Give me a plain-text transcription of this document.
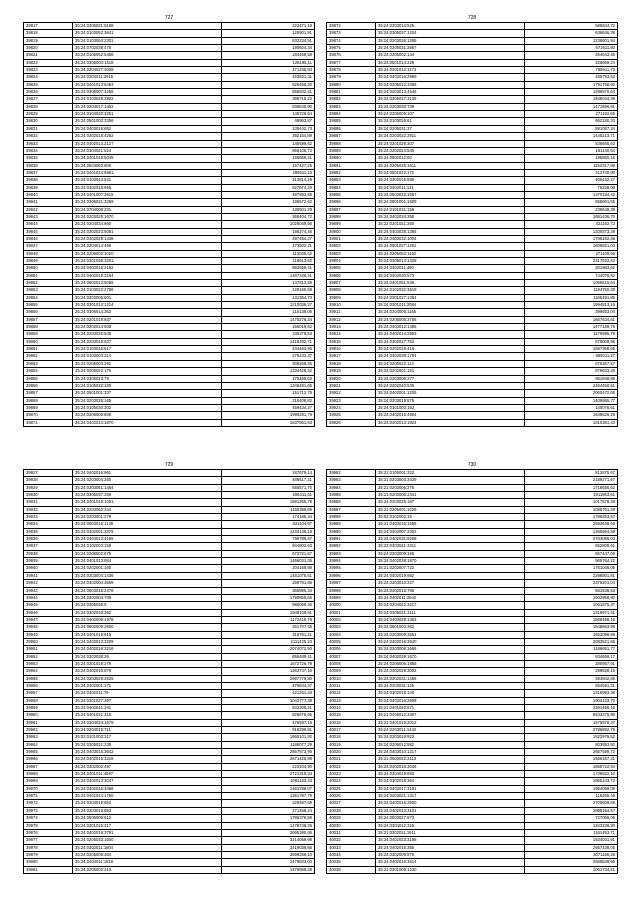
727
39817	35:24:0305031:9168	223471,19
39818	35:24:0103052:3641	125901,91
39819	35:24:0103064:2301	832234,91
39820	35:24:0702039:476	190604,34
39821	35:24:0105052:5466	184459,58
39822	35:24:0306004:1518	128195,11
39823	35:24:0204027:3008	171235,94
39824	35:24:0304011:2915	153631,31
39825	35:24:0401013:5463	825458,20
39826	35:24:0306007:4266	856632,21
39827	35:24:0103028:2802	396715,22
39828	35:24:0204017:1452	838630,90
39829	35:24:0104020:3251	145728,64
39830	35:24:0501002:3356	46963,87
39831	35:24:0403016:652	135442,73
39832	35:24:0302018:4282	392154,89
39833	35:24:0402014:2127	145599,62
39834	35:24:0304021:524	856106,72
39835	35:24:0401019:5045	165659,41
39836	35:24:0504063:806	167427,25
39837	35:24:0401024:5981	289511,15
39838	35:24:0103044:531	313814,29
39839	35:24:0302018:955	627674,20
39840	35:24:0401007:2615	497893,85
39841	35:24:0306021:3259	195572,62
39842	35:24:0704008:231	130501,29
39843	35:24:0203025:1670	369404,72
39844	35:24:0204034:860	1026049,56
39845	35:24:0302023:5061	195274,46
39846	35:24:0402029:1438	297454,27
39847	35:24:0204014:468	173502,21
39848	35:24:0206002:1020	113035,42
39849	35:24:0301036:3201	119613,62
39850	35:24:0402016:2192	882659,41
39851	35:24:0402019:3184	1487346,31
39852	35:24:0502013:5066	147813,59
39853	35:24:0103022:2796	128169,58
39854	35:24:0302005:601	131364,73
39855	35:24:0301014:1214	1210036,27
39856	35:24:0306014:363	115136,06
39857	35:24:0201019:937	1475276,34
39858	35:24:0203014:508	155019,62
39859	35:24:0203026:845	345378,53
39860	35:24:0203019:937	1415492,71
39861	35:24:0103016:517	244463,95
39862	35:24:0103004:214	278232,37
39863	35:24:0206004:291	306269,45
39864	35:24:0205022:176	1334426,42
39865	35:24:0305023:79	175469,63
39866	35:24:0105022:130	1348481,65
39867	35:24:0501001:337	151712,79
39868	35:24:0203025:165	315408,82
39869	35:24:0105030:302	459434,27
39870	35:24:0206006:806	1999281,79
39871	35:24:0402014:1870	1637561,63
728
39872	35:24:0203014:525	585844,72
39873	35:24:0305037:1204	636646,39
39874	35:24:0203026:1285	1238601,94
39875	35:24:0205031:2867	671611,80
39876	35:24:0305002:144	264643,45
39877	35:24:0601014:228	326669,24
39878	35:24:0201012:1173	765611,73
39879	35:24:0402016:2969	185793,53
39880	35:24:0205012:3365	1791768,92
39881	35:24:0203013:4545	1296570,64
39882	35:24:0305037:3139	1946044,39
39883	35:24:0203030:739	1471696,91
39884	35:24:0205009:107	271192,65
39885	35:24:0103026:61	662180,33
39886	35:24:0205031:37	591067,34
39887	35:24:0203022:2911	1445213,71
39888	35:24:0201026:307	536665,63
39889	35:24:0202024:540	181140,64
39890	35:24:0502012:60	195860,15
39891	35:24:0205026:1611	1152317,98
39892	35:24:0501022:172	212740,80
39893	35:24:0302016:685	405432,27
39894	35:24:0402011:131	75228,09
39895	35:24:0503022:1667	1370184,42
39896	35:24:0801001:1609	666661,55
39897	35:24:0101031:159	239648,39
39898	35:24:0402034:358	1681436,70
39899	35:22:0201021:260	421162,73
39900	35:24:0403038:1365	1200573,39
39901	35:24:0403032:1004	1795182,36
39902	35:24:0501027:1251	1609821,03
39903	35:24:0205052:1162	271109,66
39904	35:24:0305013:1428	2317632,43
39905	35:24:0402011:460	201583,62
39906	35:24:0402030:573	744076,82
39907	35:24:0401051:536	1066615,64
39908	35:24:0102032:3619	1194750,39
39909	35:24:0301027:1364	1166491,86
39910	35:24:0301011:2084	1994813,16
39911	35:24:0304006:1165	399653,04
39912	35:24:0205006:3756	1667634,61
39913	35:24:0403012:1485	1477169,75
39914	35:24:0402014:2983	1179995,79
39915	35:24:0302027:753	678009,96
39916	35:24:0202018:416	1587368,65
39917	35:24:0402038:1794	985011,27
39918	35:24:0205022:114	675367,57
39919	35:24:0202001:151	679633,25
39920	35:24:0203006:277	861848,86
39921	35:24:0202040:536	2464450,61
39922	35:24:0402001:1205	2060472,65
39923	35:24:0203019:875	1409955,77
39924	35:24:0301003:163	140076,61
39925	35:24:0402016:4904	1645626,29
39926	35:24:0402013:1924	1010381,43
729
39927	35:24:0402016:961	187679,14
39928	35:24:0203004:250	486617,21
39929	35:24:0303051:1464	566571,70
39930	35:24:0305037:256	206411,61
39931	35:24:0401019:1051	1691365,78
39932	35:24:0203062:244	1165399,69
39933	35:24:0203001:279	174185,34
39934	35:24:0503016:1136	821104,87
39935	35:24:0302001:2379	1234136,18
39936	35:24:0404013:4165	799786,47
39937	35:24:0102003:158	944902,63
39938	35:24:0206002:675	673721,67
39939	35:24:0401013:984	1466031,35
39940	35:24:0202001:160	204169,89
39941	35:24:0203004:1436	1481075,51
39942	35:24:0302004:3669	259791,66
39943	35:24:0503015:2478	365995,34
39944	35:24:0302004:709	1790859,66
39945	35:24:0305036:5	980069,46
39946	35:24:0302018:352	1948109,91
39947	35:24:0402005:1978	1172418,79
39948	35:24:0502009:2600	261707,45
39949	35:24:0401019:915	316761,21
39950	35:24:0402013:3209	2111425,23
39951	35:24:0402016:3216	2074072,50
39952	35:24:0303038:26	655489,41
39953	35:24:0201019:279	1672726,79
39954	35:24:0402010:879	1263747,10
39955	35:24:0203029:2525	2997779,80
39956	35:24:0402001:171	479844,37
39957	35:24:0402011:79	421261,43
39958	35:24:0301027:397	1042777,38
39959	35:24:0402041:341	542309,21
39960	35:24:0401021:315	826678,65
39961	35:24:0304024:1679	476597,15
39962	35:24:0204015:711	918299,81
39963	35:02:0101003:317	1665101,92
39964	35:24:0305021:239	1186077,29
39965	35:24:0403015:3642	2667873,95
39966	35:24:0402015:3216	2671425,98
39967	35:24:0302002:497	223104,90
39968	35:24:0401011:4897	2721319,34
39969	35:24:0402013:3047	1081163,43
39970	35:24:0402016:3468	1461789,07
39971	35:24:0401014:1750	1351787,79
39972	35:24:0203019:653	229487,69
39973	35:24:0203016:853	271458,24
39974	35:24:0505006:612	1786376,59
39975	35:24:0301015:317	1478748,25
39976	35:24:0402016:3791	2665390,65
39977	35:24:0205033:1600	3214059,98
39978	35:24:0302011:1804	3419036,56
39979	35:24:0205008:364	3699256,10
39980	35:24:0404011:1816	2479833,00
39981	35:24:0205002:213	1476958,28
730
39982	35:21:0105001:322	812675,67
39983	35:21:0203003:3429	2189271,67
39984	35:21:0203006:276	1718656,62
39985	35:21:0203006:2441	1911863,61
39986	35:24:0203025:187	1017878,36
39987	35:21:0205001:1029	1085751,29
39988	35:02:0102002:19	1786253,67
39989	35:21:0403016:1558	2593648,66
39990	35:24:0402007:2302	1260664,59
39991	35:24:0402031:9208	2783086,03
39992	35:22:0303041:3211	662809,61
39993	35:24:0203009:166	657447,09
39994	35:24:0402038:1870	965764,22
39995	35:21:0203007:722	1761046,06
39996	35:24:0402019:982	2298801,81
39997	35:24:0203010:227	2376201,04
39998	35:24:0402016:786	661536,53
39999	35:24:0402011:2542	1502958,90
40000	35:24:0204022:3217	1061875,37
40001	35:24:0305031:3111	1316971,31
40002	35:24:0403028:1363	1568468,16
40003	35:24:0601003:362	1548663,96
40004	35:24:0203009:3551	1652096,69
40005	35:24:0402016:3640	2083521,65
40006	35:24:0203008:1666	1186651,77
40007	35:24:0402039:1670	934659,17
40008	35:24:0206006:1865	280867,91
40009	35:24:0402028:3002	289838,10
40010	35:24:0202031:1466	394842,66
40011	35:24:0203031:125	554591,31
40012	35:24:0302018:143	1316993,38
40013	35:24:0402016:2608	1904133,70
40014	35:21:0401020:671	2391456,15
40015	35:21:0405012:3307	5533375,90
40016	35:21:0401019:2012	1675978,37
40017	35:24:0203011:1442	2786892,75
40018	35:24:0203019:922	1522976,52
40019	35:24:0206012:582	803893,92
40020	35:24:0403010:1317	2667599,72
40021	35:21:0503022:2113	1566167,31
40022	35:24:0402016:3046	1668722,94
40023	35:24:0204019:893	1736522,10
40024	35:24:0302018:364	1865143,73
40025	35:24:0402017:3181	1964059,09
40026	35:24:0203021:1317	118265,45
40027	35:24:0402016:2500	2705609,66
40028	35:24:0402013:3101	2995164,57
40029	35:24:0503027:673	727066,06
40030	35:24:0304012:315	1343238,30
40031	35:21:0302011:1911	1161453,71
40032	35:24:0402023:3188	1534031,91
40033	35:24:0402016:355	2657438,05
40034	35:24:0302009:876	2071156,26
40035	35:24:0402015:3514	2668546,95
40036	35:21:0301009:1230	1061734,21
